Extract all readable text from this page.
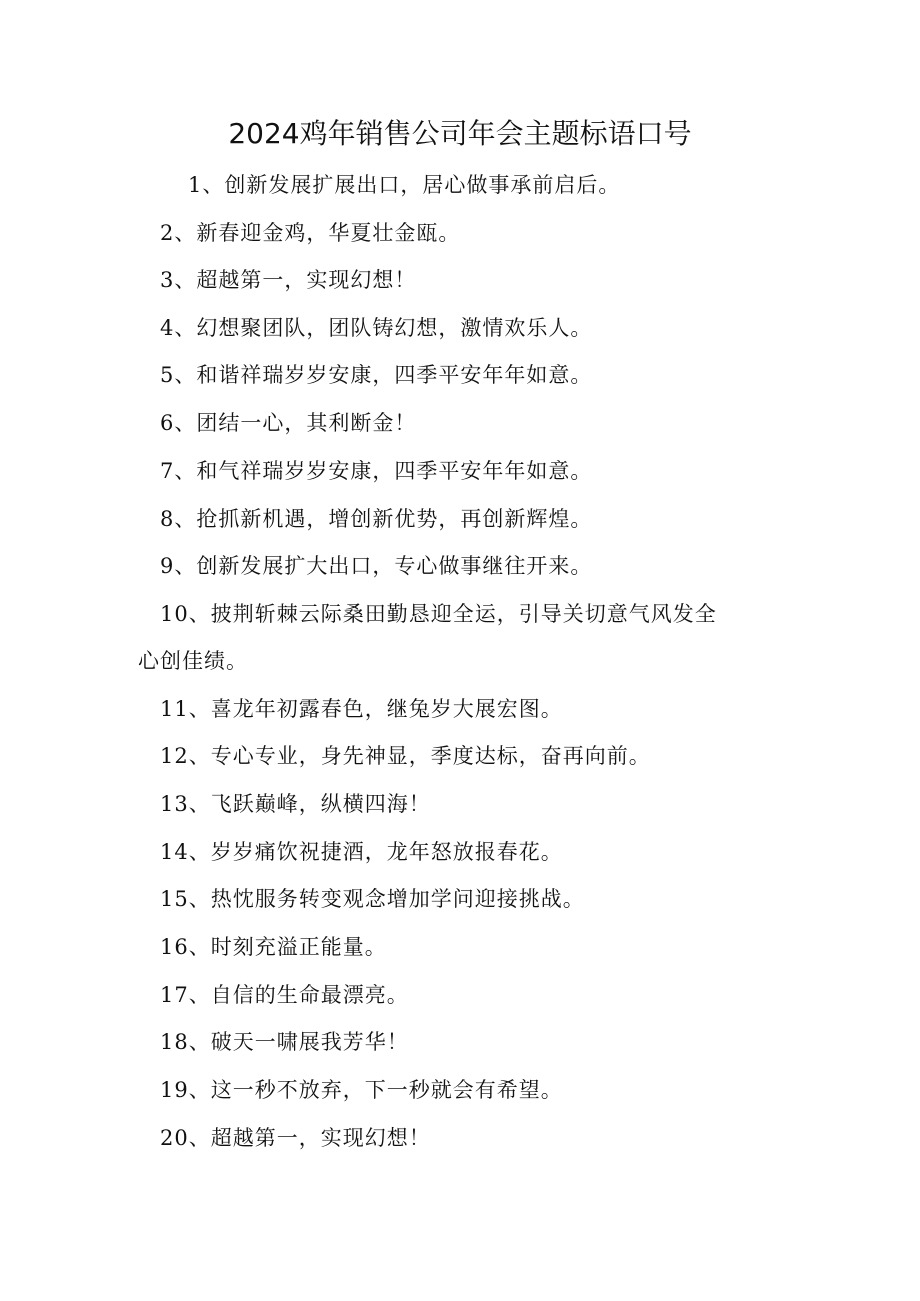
2024鸡年销售公司年会主题标语口号
1、创新发展扩展出口，居心做事承前启后。
2、新春迎金鸡，华夏壮金瓯。
3、超越第一，实现幻想！
4、幻想聚团队，团队铸幻想，激情欢乐人。
5、和谐祥瑞岁岁安康，四季平安年年如意。
6、团结一心，其利断金！
7、和气祥瑞岁岁安康，四季平安年年如意。
8、抢抓新机遇，增创新优势，再创新辉煌。
9、创新发展扩大出口，专心做事继往开来。
10、披荆斩棘云际桑田勤恳迎全运，引导关切意气风发全
心创佳绩。
11、喜龙年初露春色，继兔岁大展宏图。
12、专心专业，身先神显，季度达标，奋再向前。
13、飞跃巅峰，纵横四海！
14、岁岁痛饮祝捷酒，龙年怒放报春花。
15、热忱服务转变观念增加学问迎接挑战。
16、时刻充溢正能量。
17、自信的生命最漂亮。
18、破天一啸展我芳华！
19、这一秒不放弃，下一秒就会有希望。
20、超越第一，实现幻想！
